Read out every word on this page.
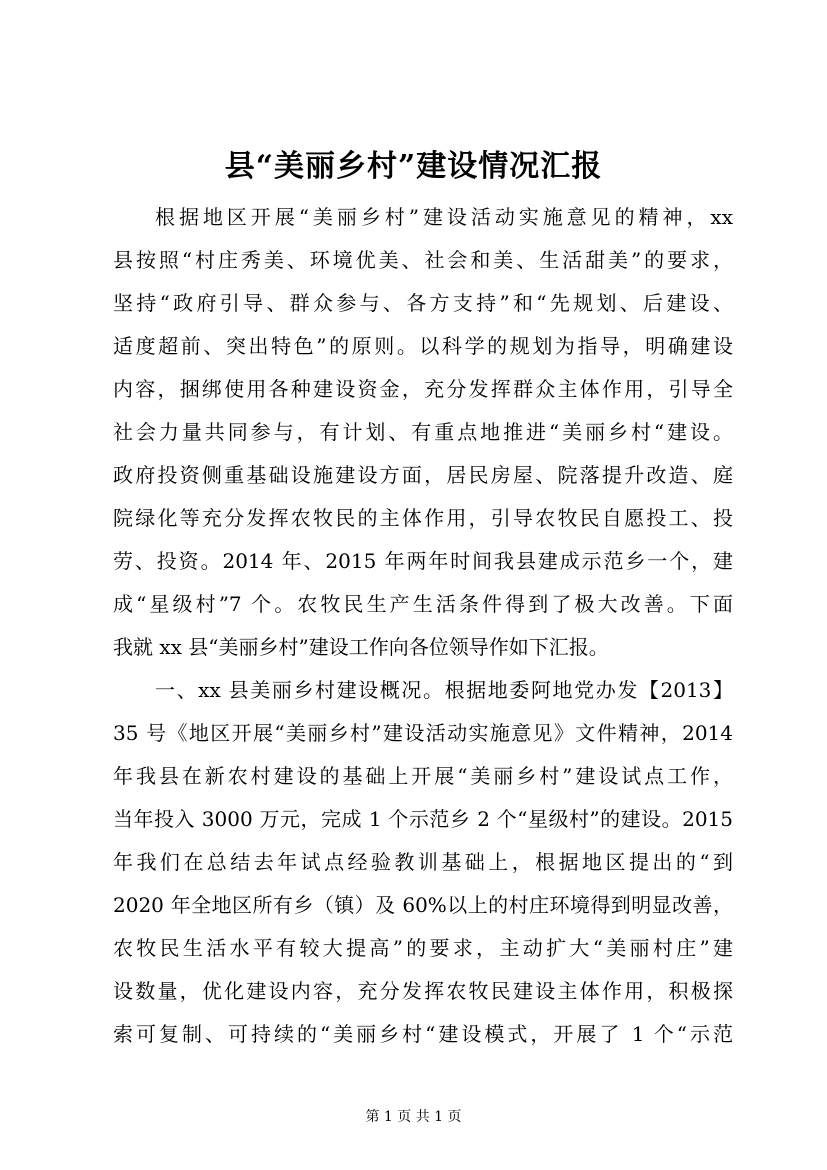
县“美丽乡村”建设情况汇报
根据地区开展“美丽乡村”建设活动实施意见的精神，xx
县按照“村庄秀美、环境优美、社会和美、生活甜美”的要求，
坚持“政府引导、群众参与、各方支持”和“先规划、后建设、
适度超前、突出特色”的原则。以科学的规划为指导，明确建设
内容，捆绑使用各种建设资金，充分发挥群众主体作用，引导全
社会力量共同参与，有计划、有重点地推进“美丽乡村“建设。
政府投资侧重基础设施建设方面，居民房屋、院落提升改造、庭
院绿化等充分发挥农牧民的主体作用，引导农牧民自愿投工、投
劳、投资。2014 年、2015 年两年时间我县建成示范乡一个，建
成“星级村”7 个。农牧民生产生活条件得到了极大改善。下面
我就 xx 县“美丽乡村”建设工作向各位领导作如下汇报。
一、xx 县美丽乡村建设概况。根据地委阿地党办发【2013】
35 号《地区开展“美丽乡村”建设活动实施意见》文件精神，2014
年我县在新农村建设的基础上开展“美丽乡村”建设试点工作，
当年投入 3000 万元，完成 1 个示范乡 2 个“星级村”的建设。2015
年我们在总结去年试点经验教训基础上，根据地区提出的“到
2020 年全地区所有乡（镇）及 60%以上的村庄环境得到明显改善，
农牧民生活水平有较大提高”的要求，主动扩大“美丽村庄”建
设数量，优化建设内容，充分发挥农牧民建设主体作用，积极探
索可复制、可持续的“美丽乡村“建设模式，开展了 1 个“示范
第 1 页 共 1 页
